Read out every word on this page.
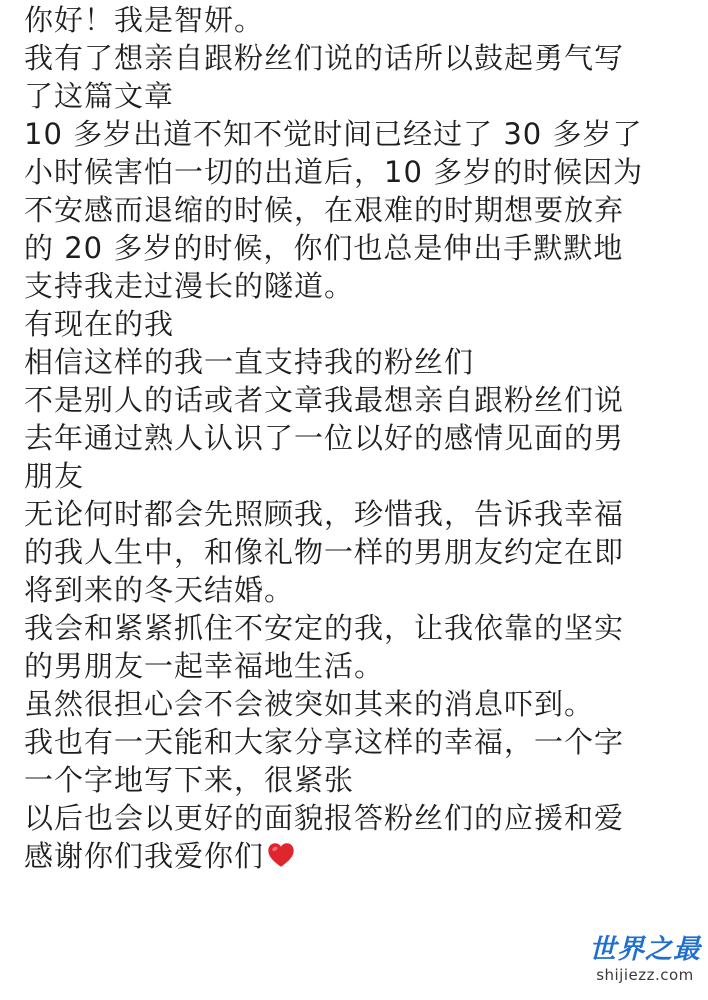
你好！我是智妍。
我有了想亲自跟粉丝们说的话所以鼓起勇气写
了这篇文章
10 多岁出道不知不觉时间已经过了 30 多岁了
小时候害怕一切的出道后，10 多岁的时候因为
不安感而退缩的时候，在艰难的时期想要放弃
的 20 多岁的时候，你们也总是伸出手默默地
支持我走过漫长的隧道。
有现在的我
相信这样的我一直支持我的粉丝们
不是别人的话或者文章我最想亲自跟粉丝们说
去年通过熟人认识了一位以好的感情见面的男
朋友
无论何时都会先照顾我，珍惜我，告诉我幸福
的我人生中，和像礼物一样的男朋友约定在即
将到来的冬天结婚。
我会和紧紧抓住不安定的我，让我依靠的坚实
的男朋友一起幸福地生活。
虽然很担心会不会被突如其来的消息吓到。
我也有一天能和大家分享这样的幸福，一个字
一个字地写下来，很紧张
以后也会以更好的面貌报答粉丝们的应援和爱
感谢你们我爱你们
世界之最
shijiezz.com
